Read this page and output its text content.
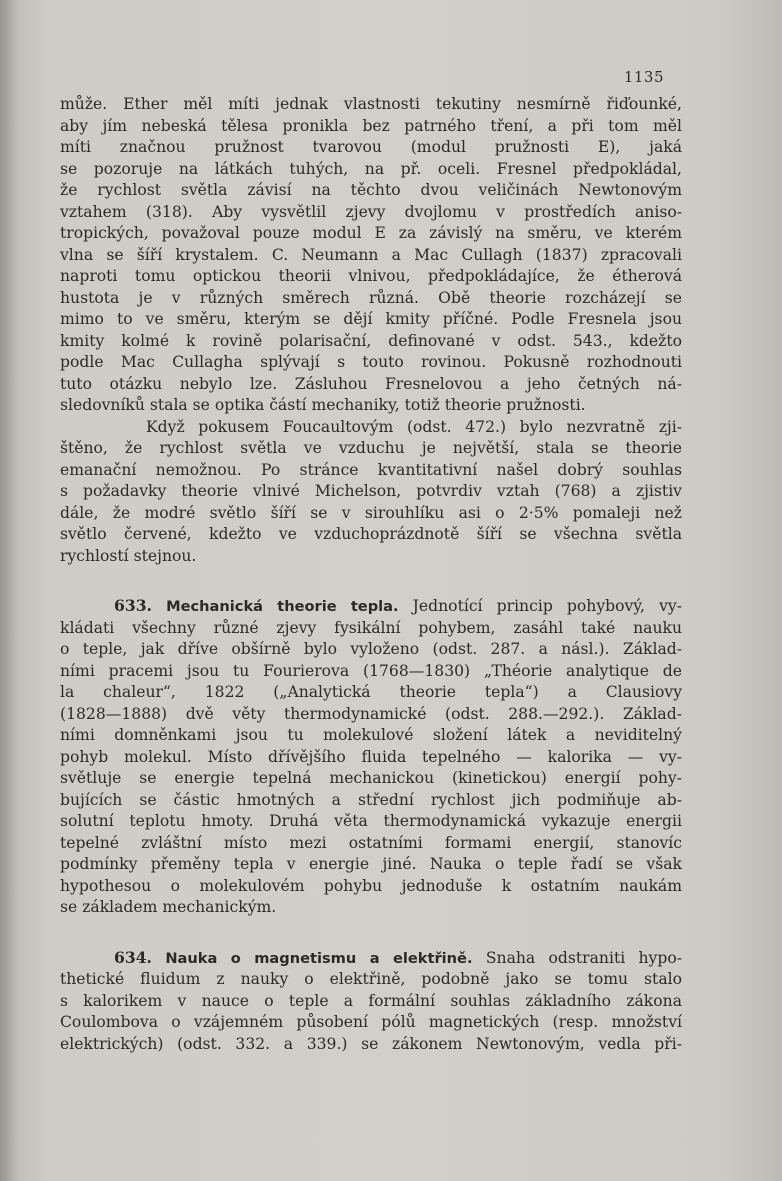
1135
může. Ether měl míti jednak vlastnosti tekutiny nesmírně řiďounké,
aby jím nebeská tělesa pronikla bez patrného tření, a při tom měl
míti značnou pružnost tvarovou (modul pružnosti E), jaká
se pozoruje na látkách tuhých, na př. oceli. Fresnel předpokládal,
že rychlost světla závisí na těchto dvou veličinách Newtonovým
vztahem (318). Aby vysvětlil zjevy dvojlomu v prostředích aniso-
tropických, považoval pouze modul E za závislý na směru, ve kterém
vlna se šíří krystalem. C. Neumann a Mac Cullagh (1837) zpracovali
naproti tomu optickou theorii vlnivou, předpokládajíce, že étherová
hustota je v různých směrech různá. Obě theorie rozcházejí se
mimo to ve směru, kterým se dějí kmity příčné. Podle Fresnela jsou
kmity kolmé k rovině polarisační, definované v odst. 543., kdežto
podle Mac Cullagha splývají s touto rovinou. Pokusně rozhodnouti
tuto otázku nebylo lze. Zásluhou Fresnelovou a jeho četných ná-
sledovníků stala se optika částí mechaniky, totiž theorie pružnosti.
Když pokusem Foucaultovým (odst. 472.) bylo nezvratně zji-
štěno, že rychlost světla ve vzduchu je největší, stala se theorie
emanační nemožnou. Po stránce kvantitativní našel dobrý souhlas
s požadavky theorie vlnivé Michelson, potvrdiv vztah (768) a zjistiv
dále, že modré světlo šíří se v sirouhlíku asi o 2·5% pomaleji než
světlo červené, kdežto ve vzduchoprázdnotě šíří se všechna světla
rychlostí stejnou.
633. Mechanická theorie tepla. Jednotící princip pohybový, vy-
kládati všechny různé zjevy fysikální pohybem, zasáhl také nauku
o teple, jak dříve obšírně bylo vyloženo (odst. 287. a násl.). Základ-
ními pracemi jsou tu Fourierova (1768—1830) „Théorie analytique de
la chaleur“, 1822 („Analytická theorie tepla“) a Clausiovy
(1828—1888) dvě věty thermodynamické (odst. 288.—292.). Základ-
ními domněnkami jsou tu molekulové složení látek a neviditelný
pohyb molekul. Místo dřívějšího fluida tepelného — kalorika — vy-
světluje se energie tepelná mechanickou (kinetickou) energií pohy-
bujících se částic hmotných a střední rychlost jich podmiňuje ab-
solutní teplotu hmoty. Druhá věta thermodynamická vykazuje energii
tepelné zvláštní místo mezi ostatními formami energií, stanovíc
podmínky přeměny tepla v energie jiné. Nauka o teple řadí se však
hypothesou o molekulovém pohybu jednoduše k ostatním naukám
se základem mechanickým.
634. Nauka o magnetismu a elektřině. Snaha odstraniti hypo-
thetické fluidum z nauky o elektřině, podobně jako se tomu stalo
s kalorikem v nauce o teple a formální souhlas základního zákona
Coulombova o vzájemném působení pólů magnetických (resp. množství
elektrických) (odst. 332. a 339.) se zákonem Newtonovým, vedla při-
